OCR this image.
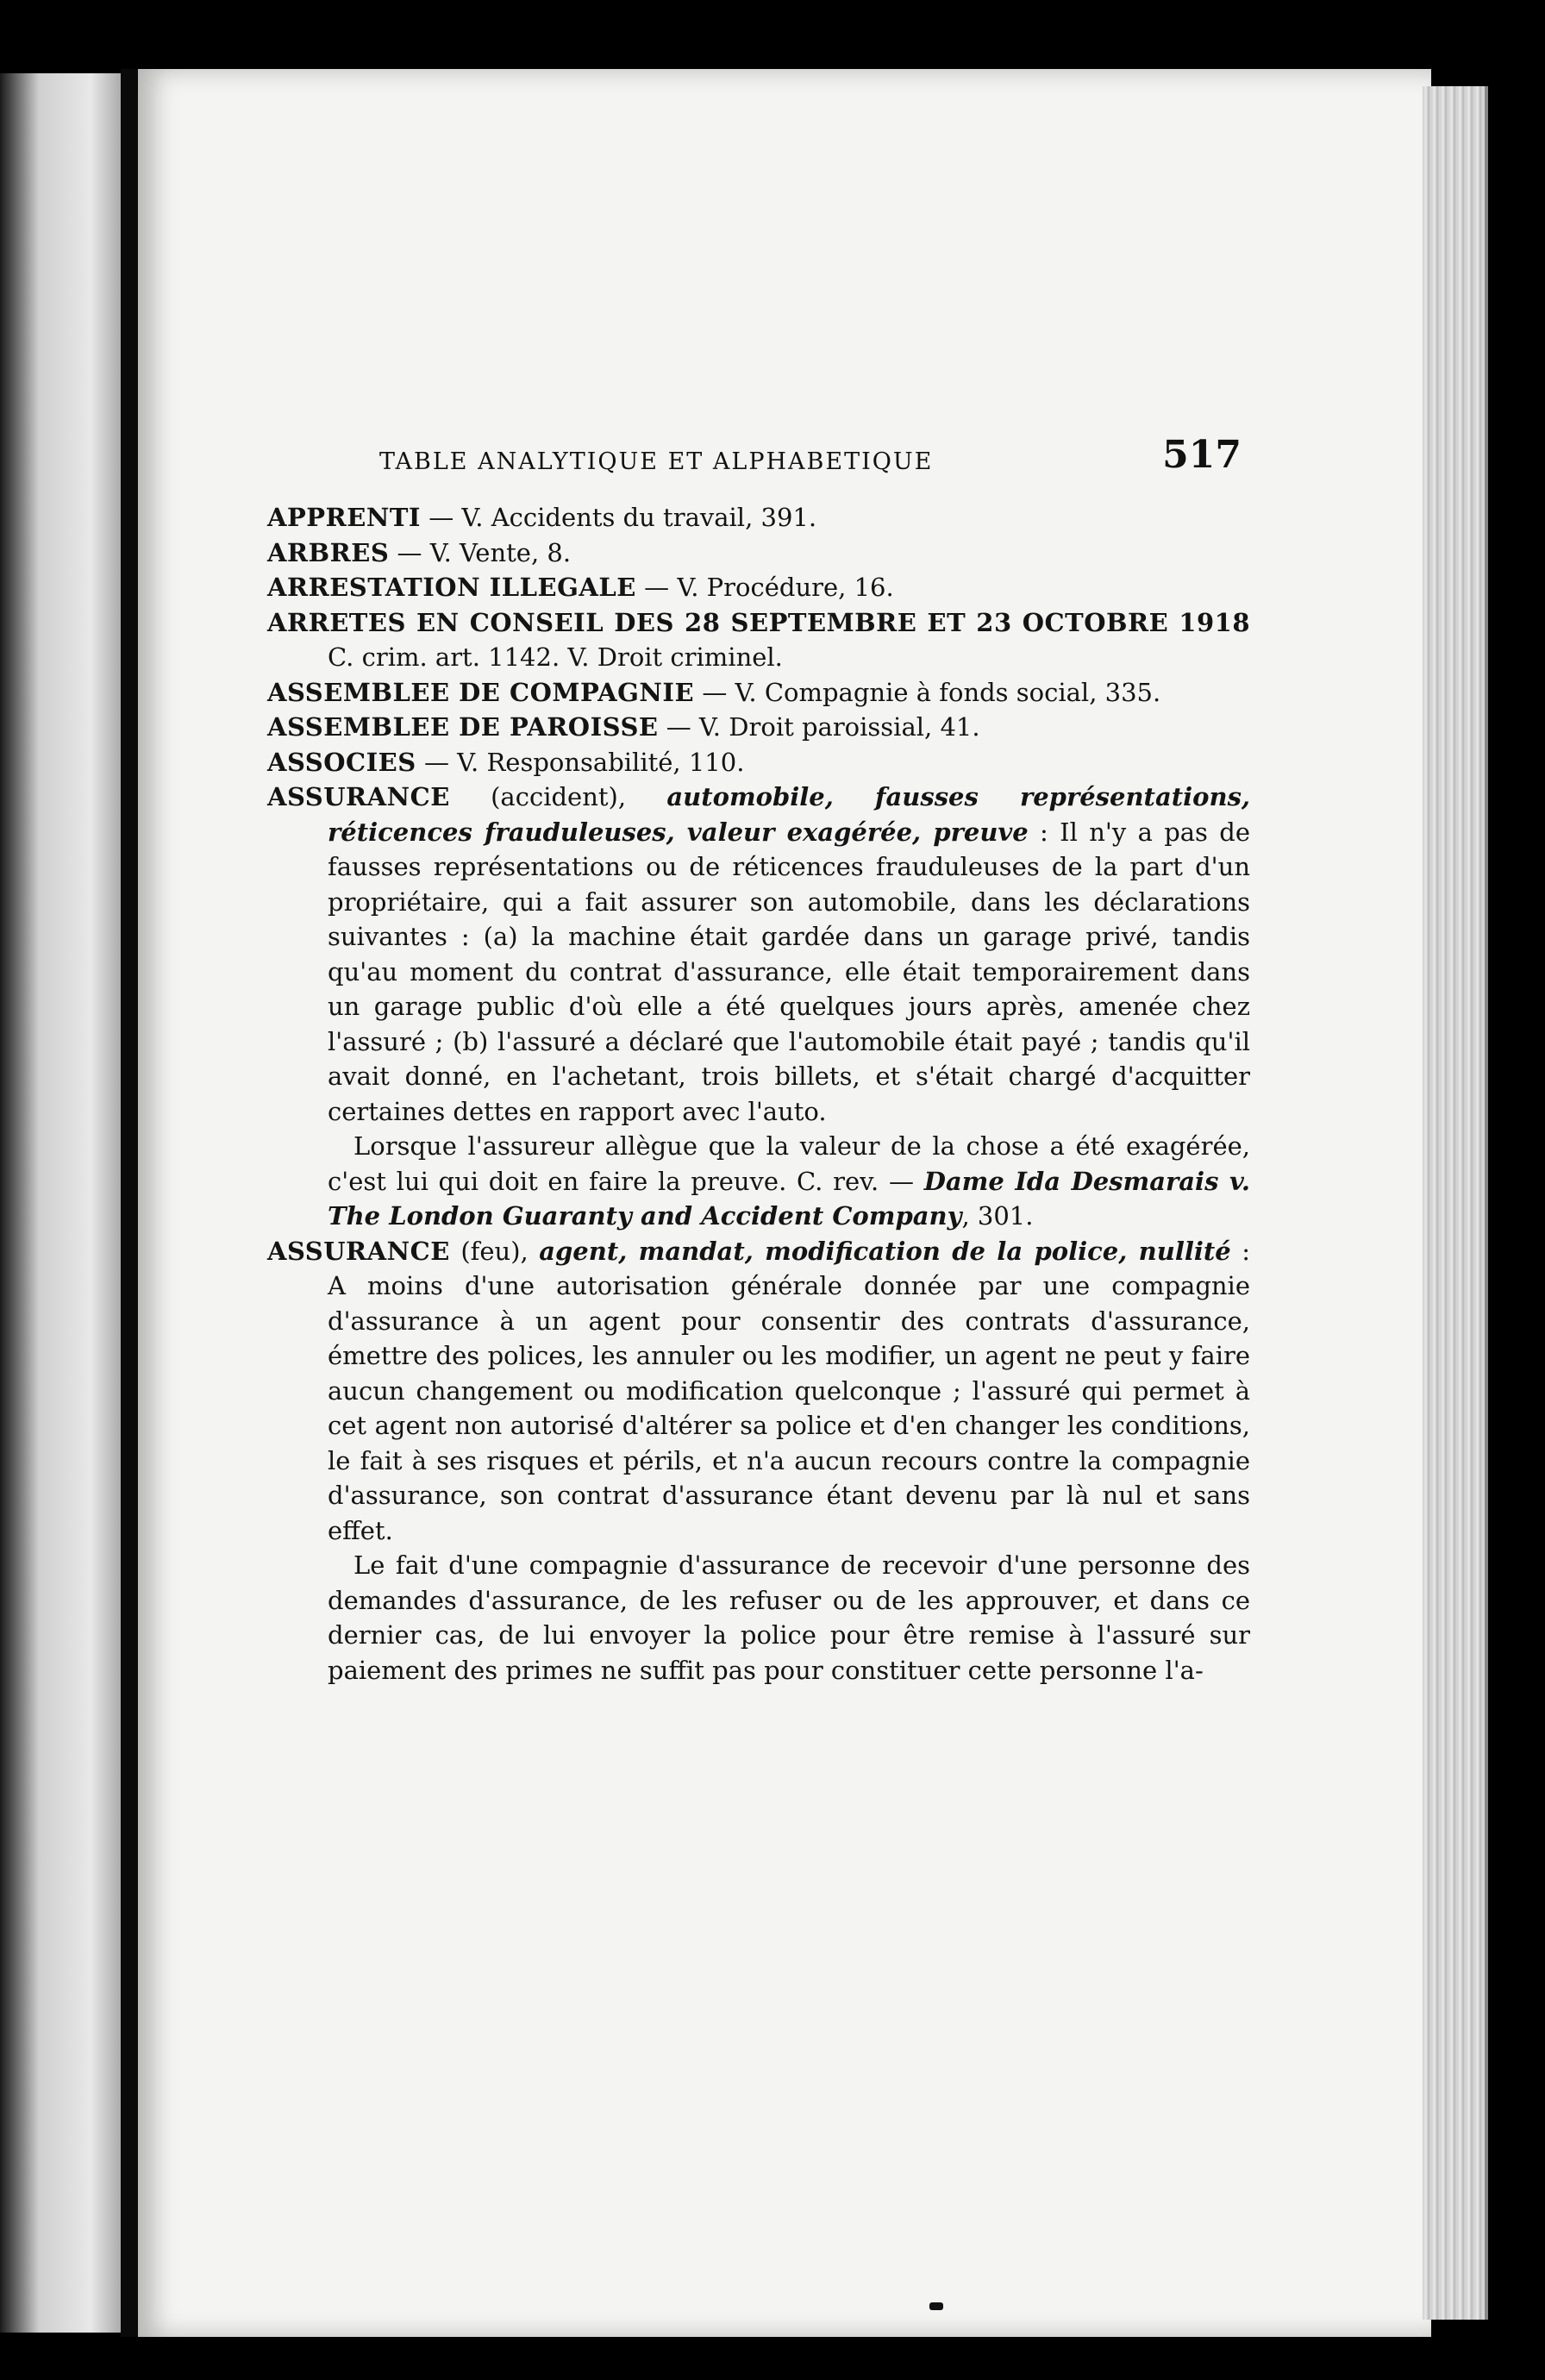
TABLE ANALYTIQUE ET ALPHABETIQUE	517

APPRENTI — V. Accidents du travail, 391.

ARBRES — V. Vente, 8.

ARRESTATION ILLEGALE — V. Procédure, 16.

ARRETES EN CONSEIL DES 28 SEPTEMBRE ET 23 OCTOBRE 1918 C. crim. art. 1142. V. Droit criminel.

ASSEMBLEE DE COMPAGNIE — V. Compagnie à fonds social, 335.

ASSEMBLEE DE PAROISSE — V. Droit paroissial, 41.

ASSOCIES — V. Responsabilité, 110.

ASSURANCE (accident), automobile, fausses représentations, réticences frauduleuses, valeur exagérée, preuve : Il n'y a pas de fausses représentations ou de réticences frauduleuses de la part d'un propriétaire, qui a fait assurer son automobile, dans les déclarations suivantes : (a) la machine était gardée dans un garage privé, tandis qu'au moment du contrat d'assurance, elle était temporairement dans un garage public d'où elle a été quelques jours après, amenée chez l'assuré ; (b) l'assuré a déclaré que l'automobile était payé ; tandis qu'il avait donné, en l'achetant, trois billets, et s'était chargé d'acquitter certaines dettes en rapport avec l'auto.

Lorsque l'assureur allègue que la valeur de la chose a été exagérée, c'est lui qui doit en faire la preuve. C. rev. — Dame Ida Desmarais v. The London Guaranty and Accident Company, 301.

ASSURANCE (feu), agent, mandat, modification de la police, nullité : A moins d'une autorisation générale donnée par une compagnie d'assurance à un agent pour consentir des contrats d'assurance, émettre des polices, les annuler ou les modifier, un agent ne peut y faire aucun changement ou modification quelconque ; l'assuré qui permet à cet agent non autorisé d'altérer sa police et d'en changer les conditions, le fait à ses risques et périls, et n'a aucun recours contre la compagnie d'assurance, son contrat d'assurance étant devenu par là nul et sans effet.

Le fait d'une compagnie d'assurance de recevoir d'une personne des demandes d'assurance, de les refuser ou de les approuver, et dans ce dernier cas, de lui envoyer la police pour être remise à l'assuré sur paiement des primes ne suffit pas pour constituer cette personne l'a-
